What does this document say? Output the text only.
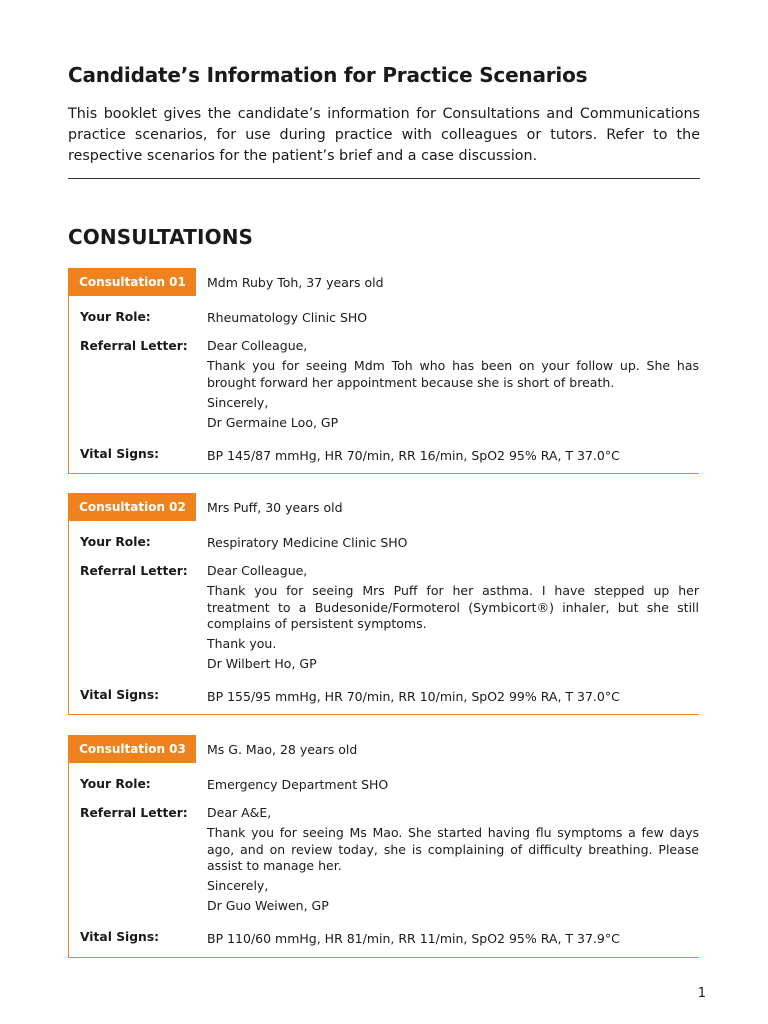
Candidate’s Information for Practice Scenarios
This booklet gives the candidate’s information for Consultations and Communications practice scenarios, for use during practice with colleagues or tutors. Refer to the respective scenarios for the patient’s brief and a case discussion.
CONSULTATIONS
Consultation 01	Mdm Ruby Toh, 37 years old
Your Role:	Rheumatology Clinic SHO
Referral Letter:	Dear Colleague,

Thank you for seeing Mdm Toh who has been on your follow up. She has brought forward her appointment because she is short of breath.

Sincerely,

Dr Germaine Loo, GP

Vital Signs:	BP 145/87 mmHg, HR 70/min, RR 16/min, SpO2 95% RA, T 37.0°C
Consultation 02	Mrs Puff, 30 years old
Your Role:	Respiratory Medicine Clinic SHO
Referral Letter:	Dear Colleague,

Thank you for seeing Mrs Puff for her asthma. I have stepped up her treatment to a Budesonide/Formoterol (Symbicort®) inhaler, but she still complains of persistent symptoms.

Thank you.

Dr Wilbert Ho, GP

Vital Signs:	BP 155/95 mmHg, HR 70/min, RR 10/min, SpO2 99% RA, T 37.0°C
Consultation 03	Ms G. Mao, 28 years old
Your Role:	Emergency Department SHO
Referral Letter:	Dear A&E,

Thank you for seeing Ms Mao. She started having flu symptoms a few days ago, and on review today, she is complaining of difficulty breathing. Please assist to manage her.

Sincerely,

Dr Guo Weiwen, GP

Vital Signs:	BP 110/60 mmHg, HR 81/min, RR 11/min, SpO2 95% RA, T 37.9°C
1
